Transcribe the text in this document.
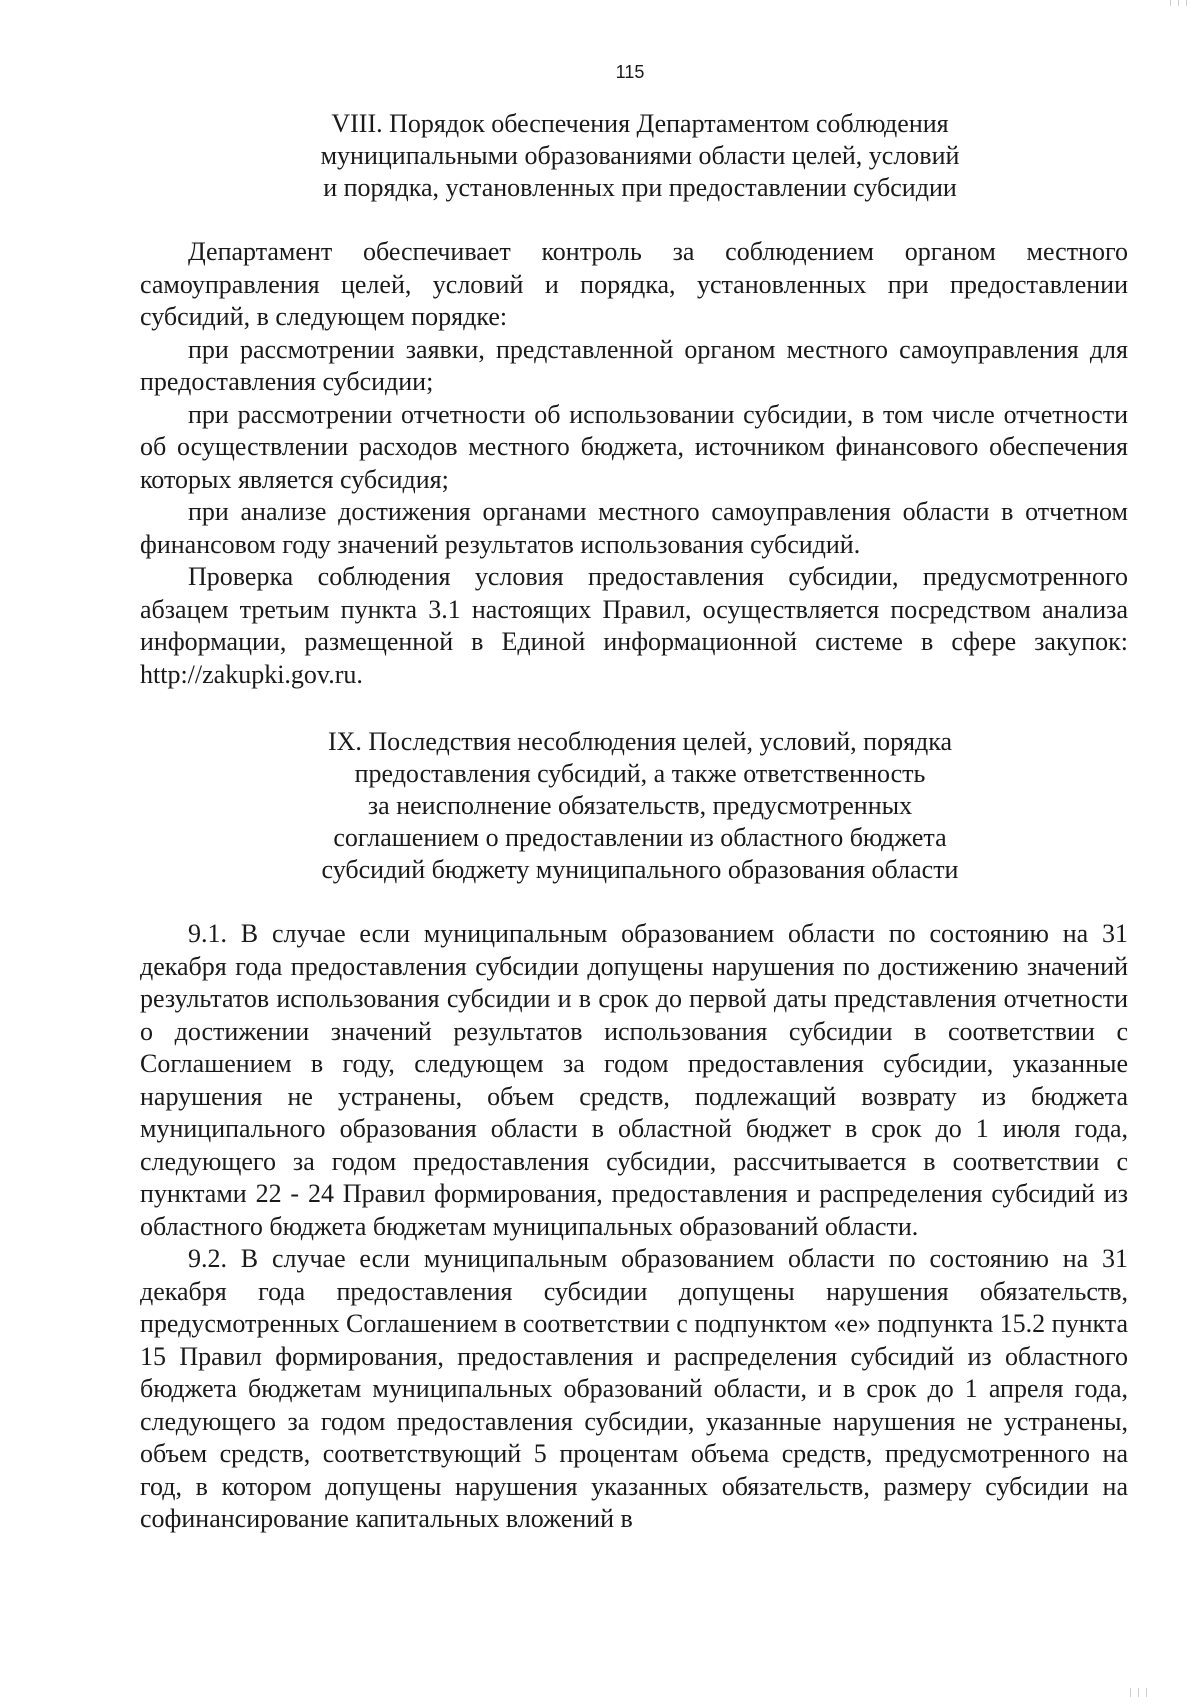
115
VIII. Порядок обеспечения Департаментом соблюдения
муниципальными образованиями области целей, условий
и порядка, установленных при предоставлении субсидии

Департамент обеспечивает контроль за соблюдением органом местного самоуправления целей, условий и порядка, установленных при предоставлении субсидий, в следующем порядке:

при рассмотрении заявки, представленной органом местного самоуправления для предоставления субсидии;

при рассмотрении отчетности об использовании субсидии, в том числе отчетности об осуществлении расходов местного бюджета, источником финансового обеспечения которых является субсидия;

при анализе достижения органами местного самоуправления области в отчетном финансовом году значений результатов использования субсидий.

Проверка соблюдения условия предоставления субсидии, предусмотренного абзацем третьим пункта 3.1 настоящих Правил, осуществляется посредством анализа информации, размещенной в Единой информационной системе в сфере закупок: http://zakupki.gov.ru.

IX. Последствия несоблюдения целей, условий, порядка
предоставления субсидий, а также ответственность
за неисполнение обязательств, предусмотренных
соглашением о предоставлении из областного бюджета
субсидий бюджету муниципального образования области

9.1. В случае если муниципальным образованием области по состоянию на 31 декабря года предоставления субсидии допущены нарушения по достижению значений результатов использования субсидии и в срок до первой даты представления отчетности о достижении значений результатов использования субсидии в соответствии с Соглашением в году, следующем за годом предоставления субсидии, указанные нарушения не устранены, объем средств, подлежащий возврату из бюджета муниципального образования области в областной бюджет в срок до 1 июля года, следующего за годом предоставления субсидии, рассчитывается в соответствии с пунктами 22 - 24 Правил формирования, предоставления и распределения субсидий из областного бюджета бюджетам муниципальных образований области.

9.2. В случае если муниципальным образованием области по состоянию на 31 декабря года предоставления субсидии допущены нарушения обязательств, предусмотренных Соглашением в соответствии с подпунктом «е» подпункта 15.2 пункта 15 Правил формирования, предоставления и распределения субсидий из областного бюджета бюджетам муниципальных образований области, и в срок до 1 апреля года, следующего за годом предоставления субсидии, указанные нарушения не устранены, объем средств, соответствующий 5 процентам объема средств, предусмотренного на год, в котором допущены нарушения указанных обязательств, размеру субсидии на софинансирование капитальных вложений в
